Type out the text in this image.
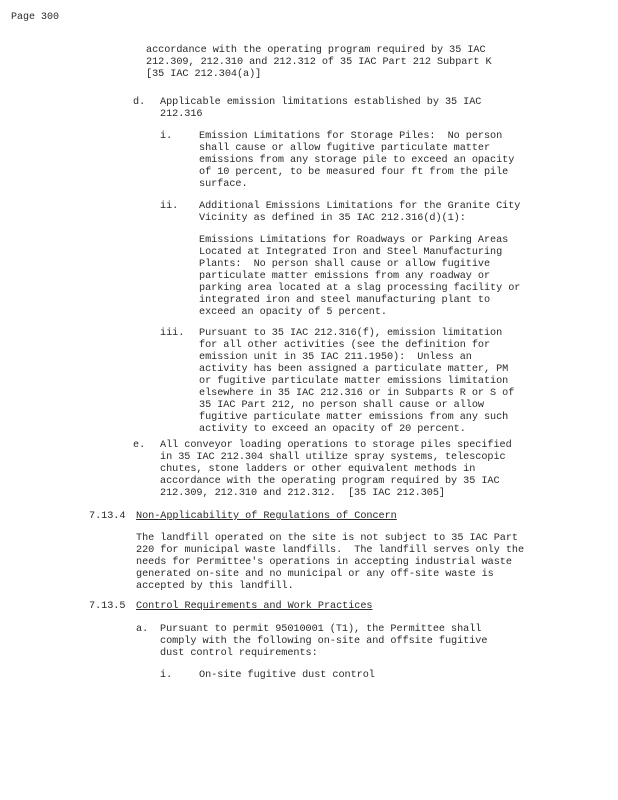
Page 300
accordance with the operating program required by 35 IAC
212.309, 212.310 and 212.312 of 35 IAC Part 212 Subpart K
[35 IAC 212.304(a)]
d. Applicable emission limitations established by 35 IAC
212.316
i.	Emission Limitations for Storage Piles:  No person
shall cause or allow fugitive particulate matter
emissions from any storage pile to exceed an opacity
of 10 percent, to be measured four ft from the pile
surface.
ii. Additional Emissions Limitations for the Granite City
Vicinity as defined in 35 IAC 212.316(d)(1):
Emissions Limitations for Roadways or Parking Areas
Located at Integrated Iron and Steel Manufacturing
Plants:  No person shall cause or allow fugitive
particulate matter emissions from any roadway or
parking area located at a slag processing facility or
integrated iron and steel manufacturing plant to
exceed an opacity of 5 percent.
iii. Pursuant to 35 IAC 212.316(f), emission limitation
for all other activities (see the definition for
emission unit in 35 IAC 211.1950):  Unless an
activity has been assigned a particulate matter, PM
or fugitive particulate matter emissions limitation
elsewhere in 35 IAC 212.316 or in Subparts R or S of
35 IAC Part 212, no person shall cause or allow
fugitive particulate matter emissions from any such
activity to exceed an opacity of 20 percent.
e. All conveyor loading operations to storage piles specified
in 35 IAC 212.304 shall utilize spray systems, telescopic
chutes, stone ladders or other equivalent methods in
accordance with the operating program required by 35 IAC
212.309, 212.310 and 212.312.  [35 IAC 212.305]
7.13.4 Non-Applicability of Regulations of Concern
The landfill operated on the site is not subject to 35 IAC Part
220 for municipal waste landfills.  The landfill serves only the
needs for Permittee's operations in accepting industrial waste
generated on-site and no municipal or any off-site waste is
accepted by this landfill.
7.13.5 Control Requirements and Work Practices
a. Pursuant to permit 95010001 (T1), the Permittee shall
comply with the following on-site and offsite fugitive
dust control requirements:
i.	On-site fugitive dust control
